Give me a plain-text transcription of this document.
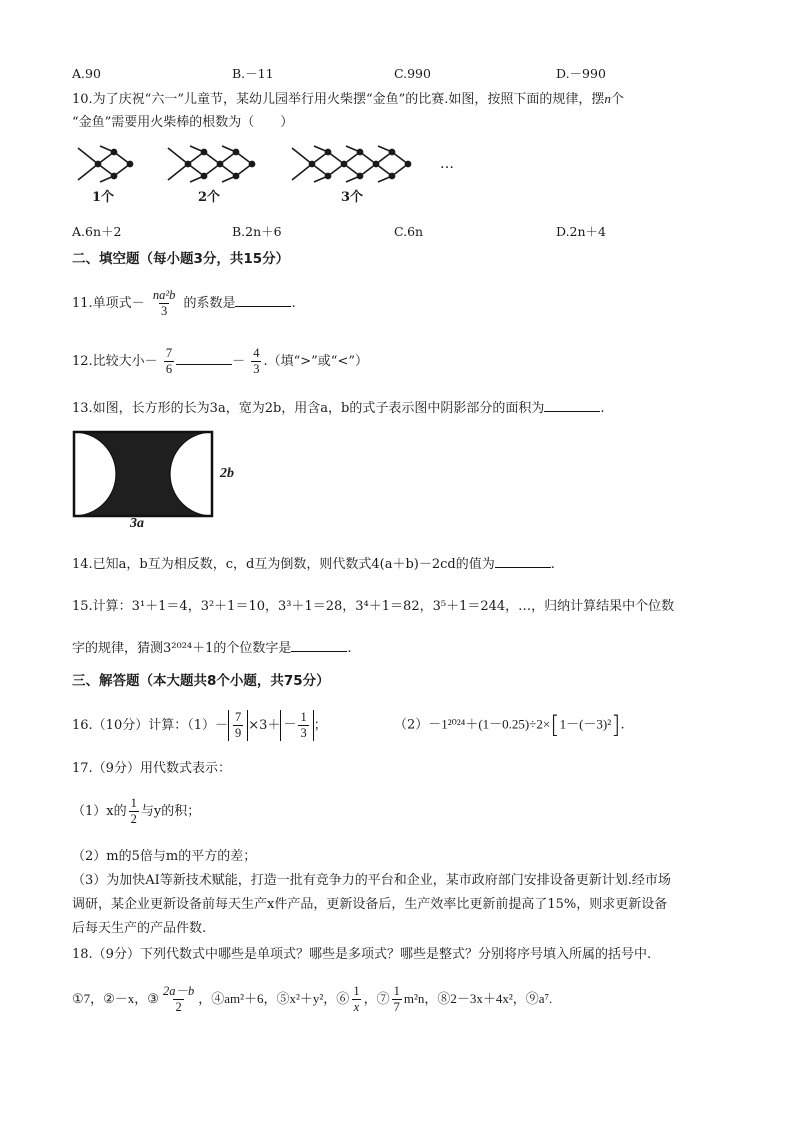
A.90	B.－11	C.990	D.－990
10.为了庆祝“六一”儿童节，某幼儿园举行用火柴摆“金鱼”的比赛.如图，按照下面的规律，摆n个
“金鱼”需要用火柴棒的根数为（　　）
1个	2个	3个
…
A.6n＋2	B.2n＋6	C.6n	D.2n＋4
二、填空题（每小题3分，共15分）
11.单项式－ $\frac{\text{na²b}}{3}$ 的系数是	.
12.比较大小－ $\frac{7}{6}$	－ $\frac{4}{3}$ .（填“>”或“<”）
13.如图，长方形的长为3a，宽为2b，用含a，b的式子表示图中阴影部分的面积为	.
2b
3a
14.已知a，b互为相反数，c，d互为倒数，则代数式4(a＋b)－2cd的值为	.
15.计算：3¹＋1＝4，3²＋1＝10，3³＋1＝28，3⁴＋1＝82，3⁵＋1＝244，…，归纳计算结果中个位数
字的规律，猜测3²⁰²⁴＋1的个位数字是	.
三、解答题（本大题共8个小题，共75分）
16.（10分）计算：$(1)- \frac{7}{9} \times 3+ - \frac{1}{3}$ ；	（2）－1²⁰²⁴＋(1－0.25)÷2×[1－(－3)²].
17.（9分）用代数式表示：
（1）x的 $\frac{1}{2}$ 与y的积；
（2）m的5倍与m的平方的差；
（3）为加快AI等新技术赋能，打造一批有竞争力的平台和企业，某市政府部门安排设备更新计划.经市场
调研，某企业更新设备前每天生产x件产品，更新设备后，生产效率比更新前提高了15%，则求更新设备
后每天生产的产品件数.
18.（9分）下列代数式中哪些是单项式？哪些是多项式？哪些是整式？分别将序号填入所属的括号中.
①7，②－x，③ $\frac{2a-b}{2}$ ，④am²＋6，⑤x²＋y²，⑥ $\frac{1}{x}$ ，⑦ $\frac{1}{7} m^2n$，⑧2－3x＋4x²，⑨a⁷.
